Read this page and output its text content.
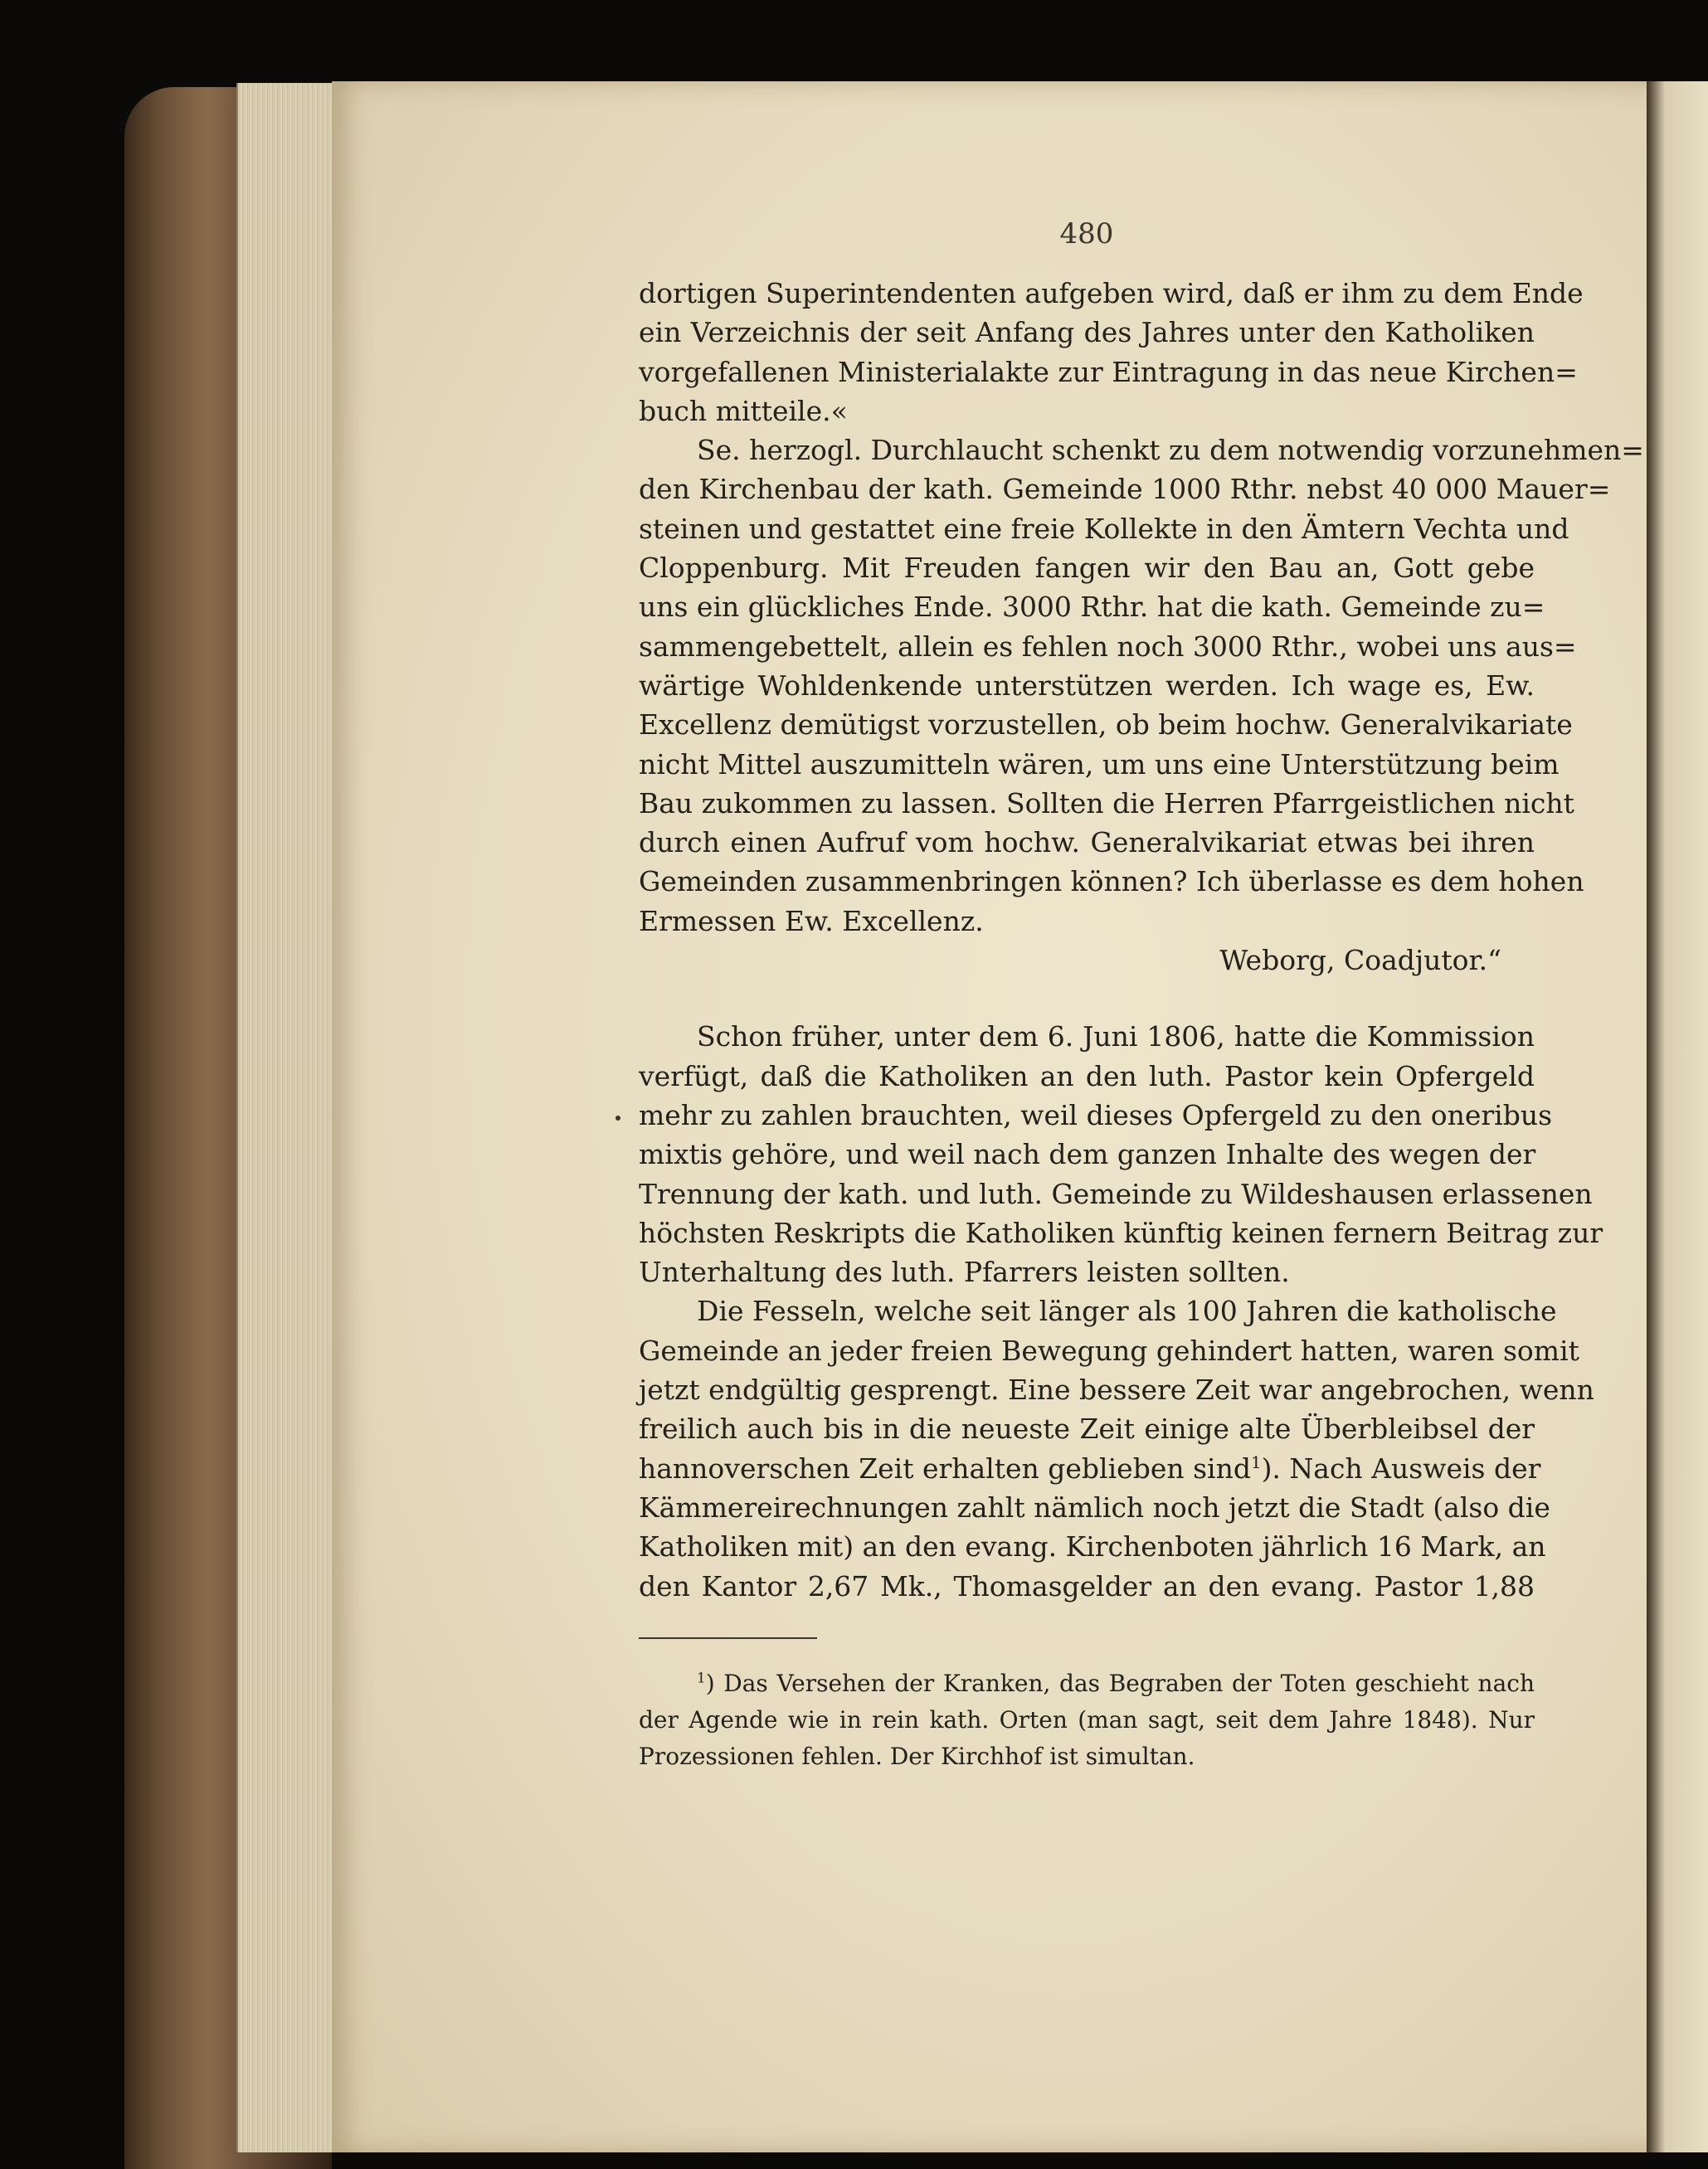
480
dortigen Superintendenten aufgeben wird, daß er ihm zu dem Ende
ein Verzeichnis der seit Anfang des Jahres unter den Katholiken
vorgefallenen Ministerialakte zur Eintragung in das neue Kirchen=
buch mitteile.«
Se. herzogl. Durchlaucht schenkt zu dem notwendig vorzunehmen=
den Kirchenbau der kath. Gemeinde 1000 Rthr. nebst 40 000 Mauer=
steinen und gestattet eine freie Kollekte in den Ämtern Vechta und
Cloppenburg. Mit Freuden fangen wir den Bau an, Gott gebe
uns ein glückliches Ende. 3000 Rthr. hat die kath. Gemeinde zu=
sammengebettelt, allein es fehlen noch 3000 Rthr., wobei uns aus=
wärtige Wohldenkende unterstützen werden. Ich wage es, Ew.
Excellenz demütigst vorzustellen, ob beim hochw. Generalvikariate
nicht Mittel auszumitteln wären, um uns eine Unterstützung beim
Bau zukommen zu lassen. Sollten die Herren Pfarrgeistlichen nicht
durch einen Aufruf vom hochw. Generalvikariat etwas bei ihren
Gemeinden zusammenbringen können? Ich überlasse es dem hohen
Ermessen Ew. Excellenz.
Weborg, Coadjutor.“
Schon früher, unter dem 6. Juni 1806, hatte die Kommission
verfügt, daß die Katholiken an den luth. Pastor kein Opfergeld
mehr zu zahlen brauchten, weil dieses Opfergeld zu den oneribus
mixtis gehöre, und weil nach dem ganzen Inhalte des wegen der
Trennung der kath. und luth. Gemeinde zu Wildeshausen erlassenen
höchsten Reskripts die Katholiken künftig keinen fernern Beitrag zur
Unterhaltung des luth. Pfarrers leisten sollten.
Die Fesseln, welche seit länger als 100 Jahren die katholische
Gemeinde an jeder freien Bewegung gehindert hatten, waren somit
jetzt endgültig gesprengt. Eine bessere Zeit war angebrochen, wenn
freilich auch bis in die neueste Zeit einige alte Überbleibsel der
hannoverschen Zeit erhalten geblieben sind$^1$). Nach Ausweis der
Kämmereirechnungen zahlt nämlich noch jetzt die Stadt (also die
Katholiken mit) an den evang. Kirchenboten jährlich 16 Mark, an
den Kantor 2,67 Mk., Thomasgelder an den evang. Pastor 1,88
$^1$) Das Versehen der Kranken, das Begraben der Toten geschieht nach
der Agende wie in rein kath. Orten (man sagt, seit dem Jahre 1848). Nur
Prozessionen fehlen. Der Kirchhof ist simultan.
